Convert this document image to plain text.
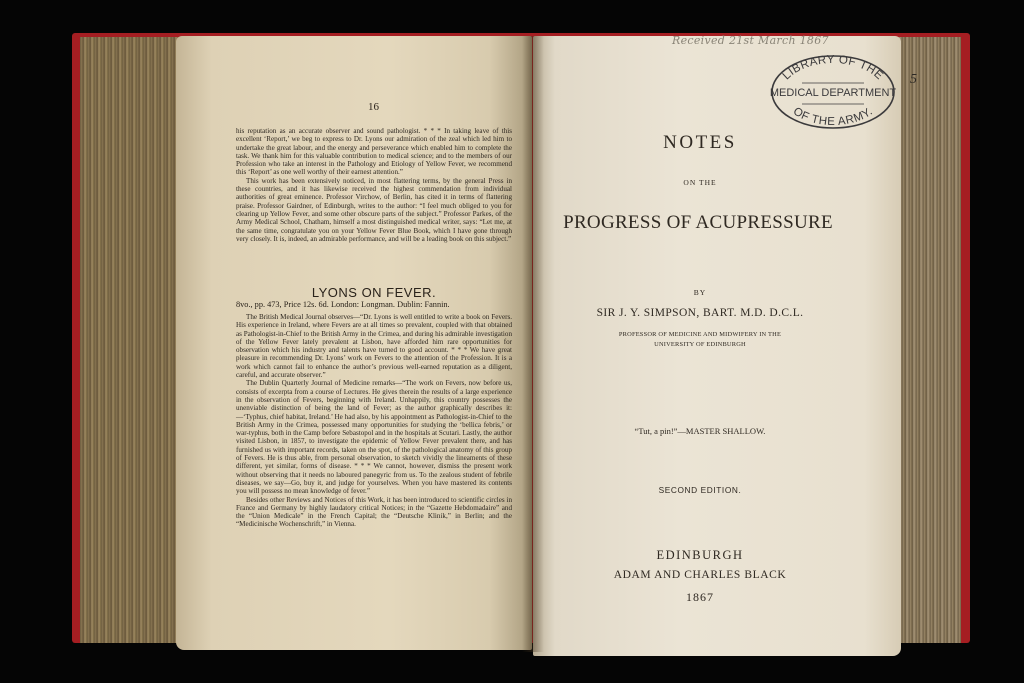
16

his reputation as an accurate observer and sound pathologist. * * * In taking leave of this excellent ‘Report,’ we beg to express to Dr. Lyons our admiration of the zeal which led him to undertake the great labour, and the energy and perseverance which enabled him to complete the task. We thank him for this valuable contribution to medical science; and to the members of our Profession who take an interest in the Pathology and Etiology of Yellow Fever, we recommend this ‘Report’ as one well worthy of their earnest attention.”

This work has been extensively noticed, in most flattering terms, by the general Press in these countries, and it has likewise received the highest commendation from individual authorities of great eminence. Professor Virchow, of Berlin, has cited it in terms of flattering praise. Professor Gairdner, of Edinburgh, writes to the author: “I feel much obliged to you for clearing up Yellow Fever, and some other obscure parts of the subject.” Professor Parkes, of the Army Medical School, Chatham, himself a most distinguished medical writer, says: “Let me, at the same time, congratulate you on your Yellow Fever Blue Book, which I have gone through very closely. It is, indeed, an admirable performance, and will be a leading book on this subject.”

LYONS ON FEVER.
8vo., pp. 473, Price 12s. 6d. London: Longman. Dublin: Fannin.

The British Medical Journal observes—“Dr. Lyons is well entitled to write a book on Fevers. His experience in Ireland, where Fevers are at all times so prevalent, coupled with that obtained as Pathologist-in-Chief to the British Army in the Crimea, and during his admirable investigation of the Yellow Fever lately prevalent at Lisbon, have afforded him rare opportunities for observation which his industry and talents have turned to good account. * * * We have great pleasure in recommending Dr. Lyons’ work on Fevers to the attention of the Profession. It is a work which cannot fail to enhance the author’s previous well-earned reputation as a diligent, careful, and accurate observer.”

The Dublin Quarterly Journal of Medicine remarks—“The work on Fevers, now before us, consists of excerpta from a course of Lectures. He gives therein the results of a large experience in the observation of Fevers, beginning with Ireland. Unhappily, this country possesses the unenviable distinction of being the land of Fever; as the author graphically describes it:—‘Typhus, chief habitat, Ireland.’ He had also, by his appointment as Pathologist-in-Chief to the British Army in the Crimea, possessed many opportunities for studying the ‘bellica febris,’ or war-typhus, both in the Camp before Sebastopol and in the hospitals at Scutari. Lastly, the author visited Lisbon, in 1857, to investigate the epidemic of Yellow Fever prevalent there, and has furnished us with important records, taken on the spot, of the pathological anatomy of this group of Fevers. He is thus able, from personal observation, to sketch vividly the lineaments of these different, yet similar, forms of disease. * * * We cannot, however, dismiss the present work without observing that it needs no laboured panegyric from us. To the zealous student of febrile diseases, we say—Go, buy it, and judge for yourselves. When you have mastered its contents you will possess no mean knowledge of fever.”

Besides other Reviews and Notices of this Work, it has been introduced to scientific circles in France and Germany by highly laudatory critical Notices; in the “Gazette Hebdomadaire” and the “Union Medicale” in the French Capital; the “Deutsche Klinik,” in Berlin; and the “Medicinische Wochenschrift,” in Vienna.

Received 21st March 1867
LIBRARY OF THE
MEDICAL DEPARTMENT
OF THE ARMY.
5
NOTES
ON THE
PROGRESS OF ACUPRESSURE
BY
SIR J. Y. SIMPSON, BART. M.D. D.C.L.
PROFESSOR OF MEDICINE AND MIDWIFERY IN THE
UNIVERSITY OF EDINBURGH
“Tut, a pin!”—MASTER SHALLOW.
SECOND EDITION.
EDINBURGH
ADAM AND CHARLES BLACK
1867
